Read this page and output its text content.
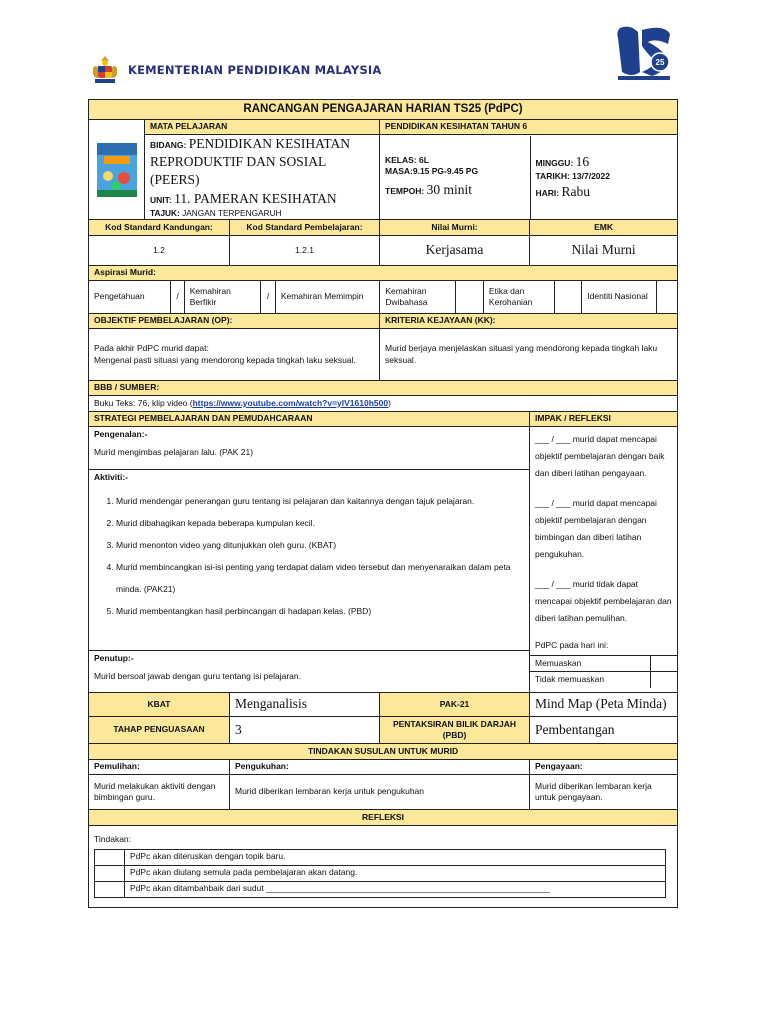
KEMENTERIAN PENDIDIKAN MALAYSIA
25
RANCANGAN PENGAJARAN HARIAN TS25 (PdPC)

	MATA PELAJARAN	PENDIDIKAN KESIHATAN TAHUN 6

BIDANG: PENDIDIKAN KESIHATAN REPRODUKTIF DAN SOSIAL (PEERS)
UNIT: 11. PAMERAN KESIHATAN
TAJUK: JANGAN TERPENGARUH

KELAS: 6L
MASA:9.15 PG-9.45 PG
TEMPOH: 30 minit

MINGGU: 16
TARIKH: 13/7/2022
HARI: Rabu

Kod Standard Kandungan:	Kod Standard Pembelajaran:	Nilai Murni:	EMK
1.2	1.2.1	Kerjasama	Nilai Murni
Aspirasi Murid:

Pengetahuan	/	Kemahiran Berfikir	/	Kemahiran Memimpin	Kemahiran Dwibahasa		Etika dan Kerohanian		Identiti Nasional	

OBJEKTIF PEMBELAJARAN (OP):	KRITERIA KEJAYAAN (KK):

Pada akhir PdPC murid dapat:
Mengenal pasti situasi yang mendorong kepada tingkah laku seksual.
	Murid berjaya menjelaskan situasi yang mendorong kepada tingkah laku seksual.
BBB / SUMBER:
Buku Teks: 76, klip video (https://www.youtube.com/watch?v=ylV1610h500)
STRATEGI PEMBELAJARAN DAN PEMUDAHCARAAN	IMPAK / REFLEKSI

Pengenalan:-
Murid mengimbas pelajaran lalu. (PAK 21)
Aktiviti:-
1. Murid mendengar penerangan guru tentang isi pelajaran dan kaitannya dengan tajuk pelajaran.
2. Murid dibahagikan kepada beberapa kumpulan kecil.
3. Murid menonton video yang ditunjukkan oleh guru. (KBAT)
4. Murid membincangkan isi-isi penting yang terdapat dalam video tersebut dan menyenaraikan dalam peta minda. (PAK21)
5. Murid membentangkan hasil perbincangan di hadapan kelas. (PBD)
Penutup:-
Murid bersoal jawab dengan guru tentang isi pelajaran.

___ / ___ murid dapat mencapai objektif pembelajaran dengan baik dan diberi latihan pengayaan.
___ / ___ murid dapat mencapai objektif pembelajaran dengan bimbingan dan diberi latihan pengukuhan.
___ / ___ murid tidak dapat mencapai objektif pembelajaran dan diberi latihan pemulihan.
PdPC pada hari ini:
Memuaskan	
Tidak memuaskan	

KBAT	Menganalisis	PAK-21	Mind Map (Peta Minda)
TAHAP PENGUASAAN	3	PENTAKSIRAN BILIK DARJAH (PBD)	Pembentangan
TINDAKAN SUSULAN UNTUK MURID
Pemulihan:	Pengukuhan:	Pengayaan:
Murid melakukan aktiviti dengan bimbingan guru.	Murid diberikan lembaran kerja untuk pengukuhan	Murid diberikan lembaran kerja untuk pengayaan.
REFLEKSI

Tindakan:
	PdPc akan diteruskan dengan topik baru.
	PdPc akan diulang semula pada pembelajaran akan datang.
	PdPc akan ditambahbaik dari sudut ____________________________________________________________
